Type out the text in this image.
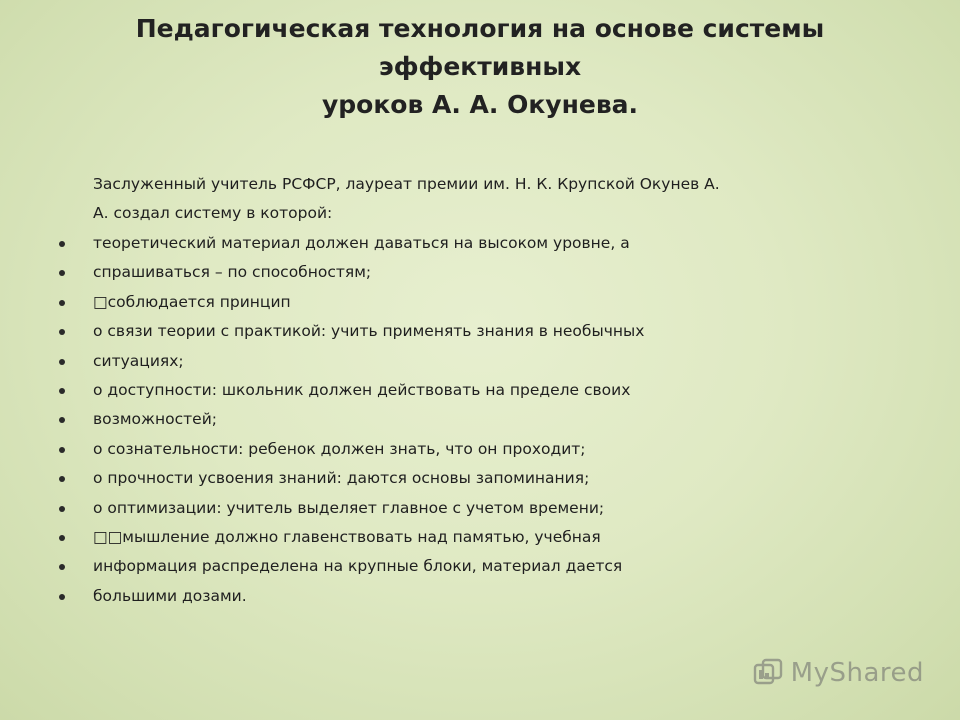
Педагогическая технология на основе системы
эффективных
уроков А. А. Окунева.
Заслуженный учитель РСФСР, лауреат премии им. Н. К. Крупской Окунев А.
А. создал систему в которой:
теоретический материал должен даваться на высоком уровне, а
спрашиваться – по способностям;
□соблюдается принцип
о связи теории с практикой: учить применять знания в необычных
ситуациях;
о доступности: школьник должен действовать на пределе своих
возможностей;
о сознательности: ребенок должен знать, что он проходит;
о прочности усвоения знаний: даются основы запоминания;
о оптимизации: учитель выделяет главное с учетом времени;
□□мышление должно главенствовать над памятью, учебная
информация распределена на крупные блоки, материал дается
большими дозами.
MyShared
